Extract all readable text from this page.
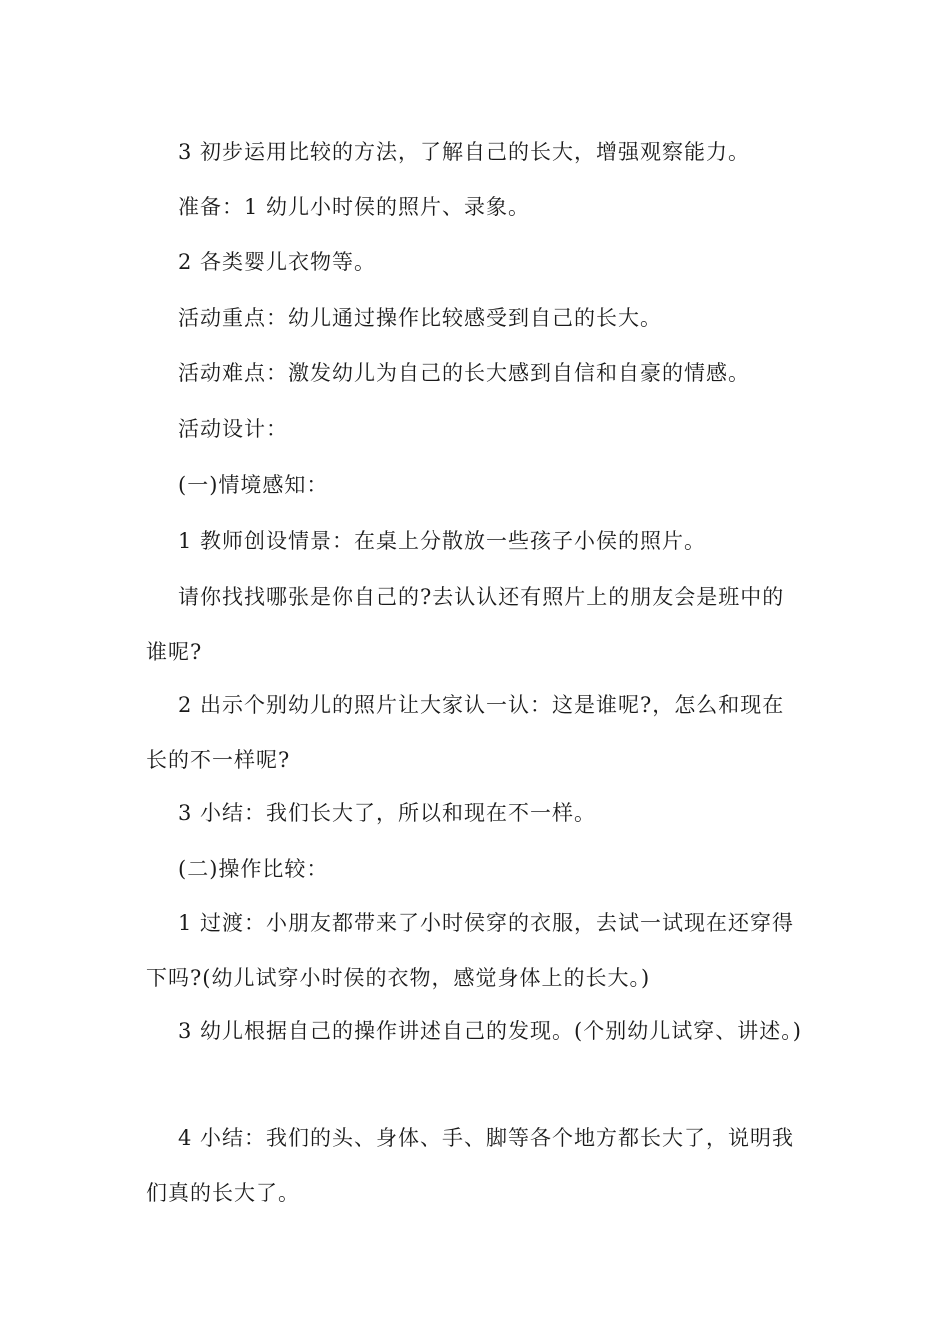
3 初步运用比较的方法，了解自己的长大，增强观察能力。

准备：1 幼儿小时侯的照片、录象。

2 各类婴儿衣物等。

活动重点：幼儿通过操作比较感受到自己的长大。

活动难点：激发幼儿为自己的长大感到自信和自豪的情感。

活动设计：

(一)情境感知：

1 教师创设情景：在桌上分散放一些孩子小侯的照片。

请你找找哪张是你自己的?去认认还有照片上的朋友会是班中的谁呢?

2 出示个别幼儿的照片让大家认一认：这是谁呢?，怎么和现在长的不一样呢?

3 小结：我们长大了，所以和现在不一样。

(二)操作比较：

1 过渡：小朋友都带来了小时侯穿的衣服，去试一试现在还穿得下吗?(幼儿试穿小时侯的衣物，感觉身体上的长大。)

3 幼儿根据自己的操作讲述自己的发现。(个别幼儿试穿、讲述。)

4 小结：我们的头、身体、手、脚等各个地方都长大了，说明我们真的长大了。
